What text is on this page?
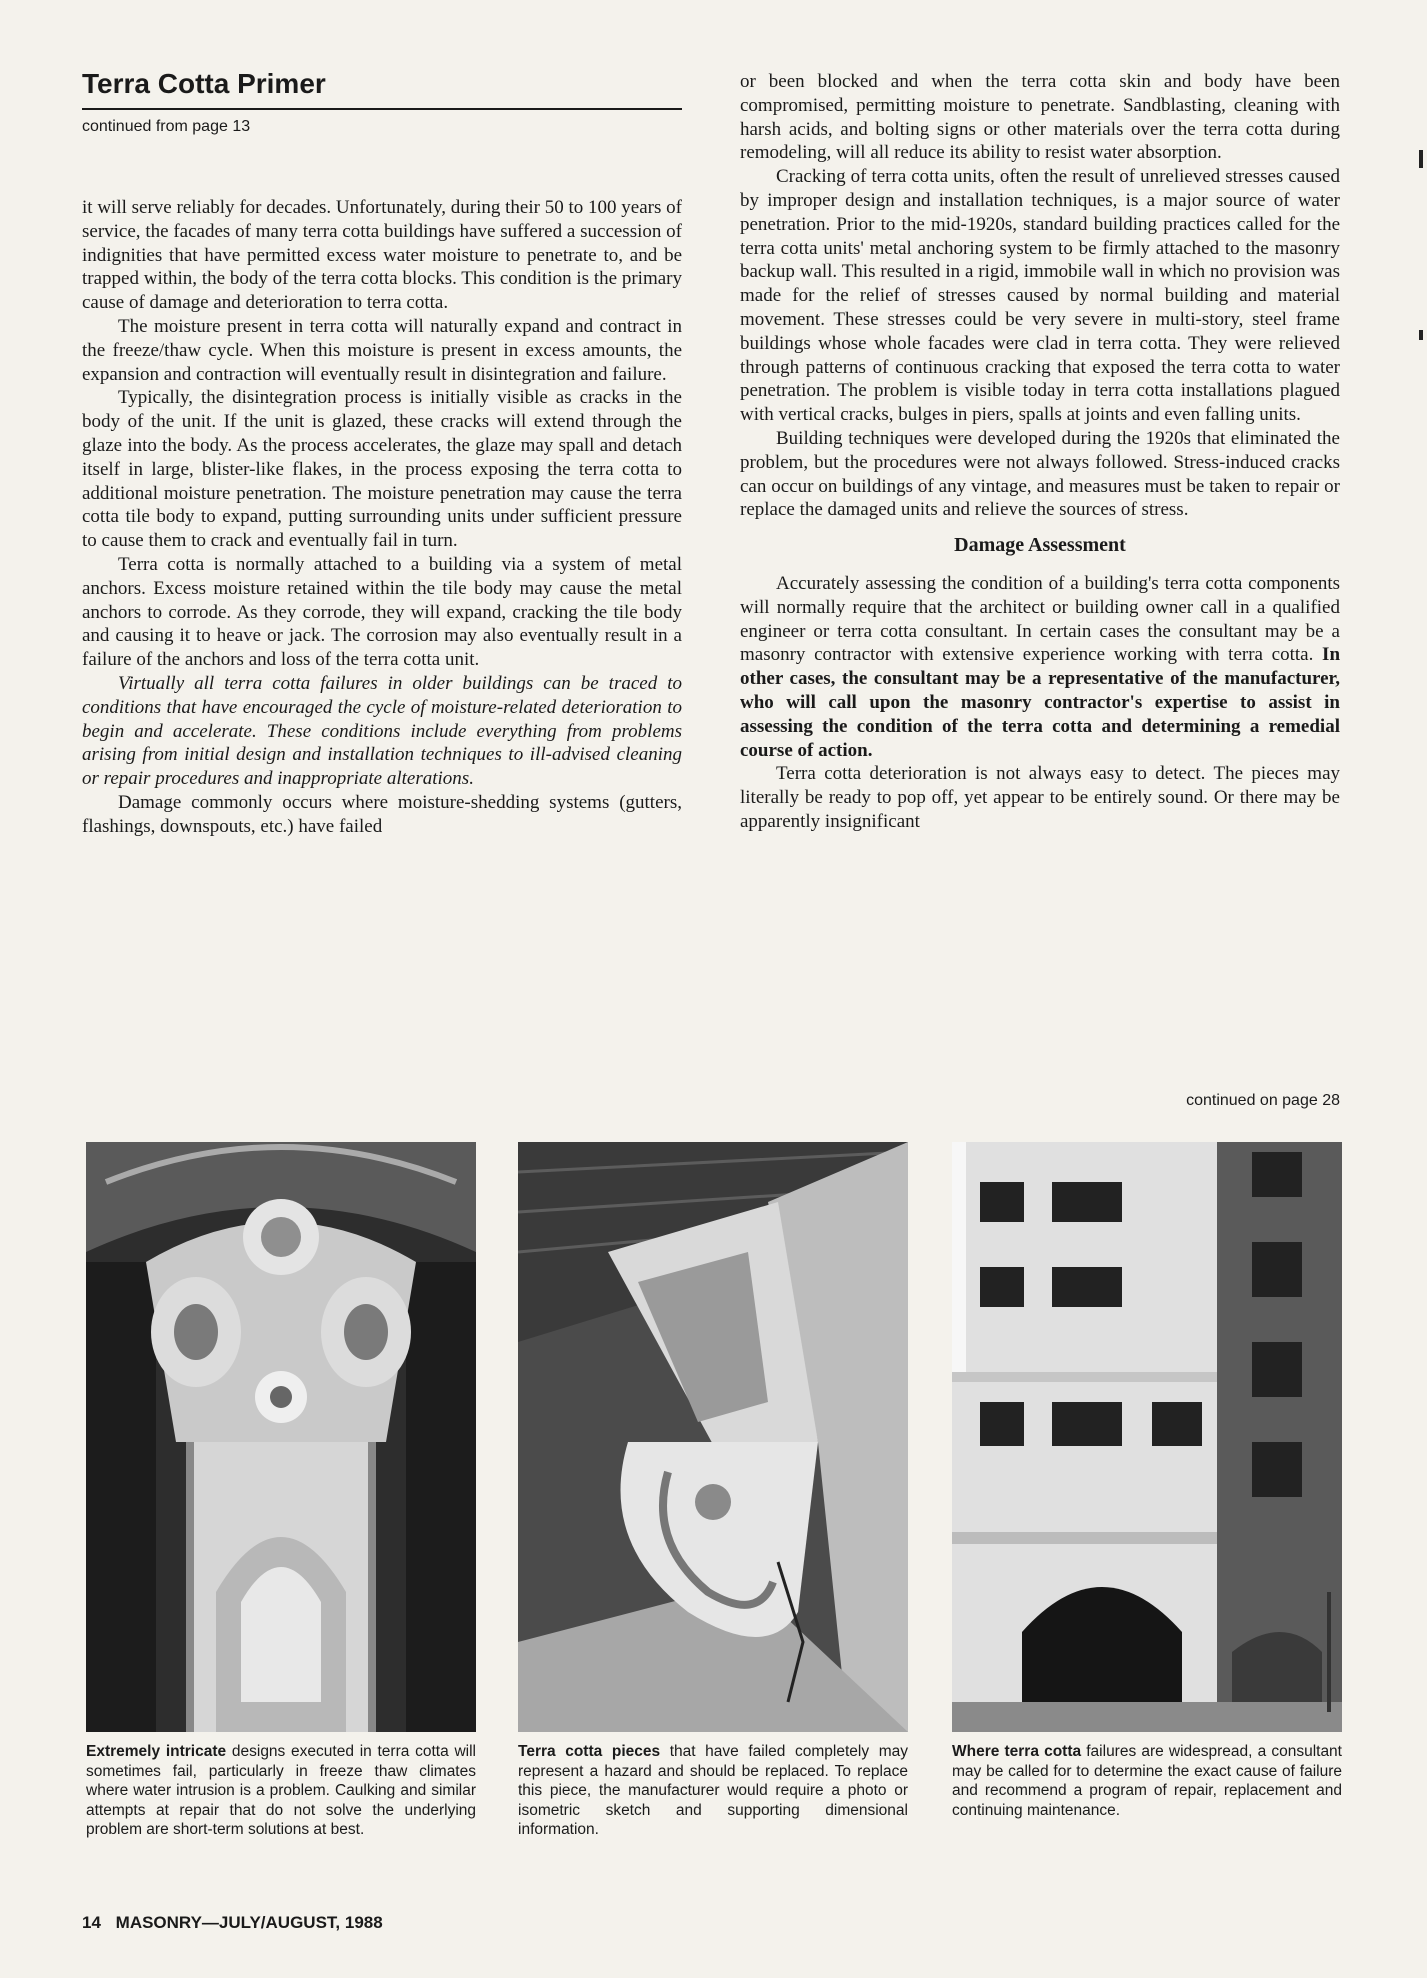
Terra Cotta Primer
continued from page 13

it will serve reliably for decades. Unfortunately, during their 50 to 100 years of service, the facades of many terra cotta buildings have suffered a succession of indignities that have permitted excess water moisture to penetrate to, and be trapped within, the body of the terra cotta blocks. This condition is the primary cause of damage and deterioration to terra cotta.

The moisture present in terra cotta will naturally expand and contract in the freeze/thaw cycle. When this moisture is present in excess amounts, the expansion and contraction will eventually result in disintegration and failure.

Typically, the disintegration process is initially visible as cracks in the body of the unit. If the unit is glazed, these cracks will extend through the glaze into the body. As the process accelerates, the glaze may spall and detach itself in large, blister-like flakes, in the process exposing the terra cotta to additional moisture penetration. The moisture penetration may cause the terra cotta tile body to expand, putting surrounding units under sufficient pressure to cause them to crack and eventually fail in turn.

Terra cotta is normally attached to a building via a system of metal anchors. Excess moisture retained within the tile body may cause the metal anchors to corrode. As they corrode, they will expand, cracking the tile body and causing it to heave or jack. The corrosion may also eventually result in a failure of the anchors and loss of the terra cotta unit.

Virtually all terra cotta failures in older buildings can be traced to conditions that have encouraged the cycle of moisture-related deterioration to begin and accelerate. These conditions include everything from problems arising from initial design and installation techniques to ill-advised cleaning or repair procedures and inappropriate alterations.

Damage commonly occurs where moisture-shedding systems (gutters, flashings, downspouts, etc.) have failed

or been blocked and when the terra cotta skin and body have been compromised, permitting moisture to penetrate. Sandblasting, cleaning with harsh acids, and bolting signs or other materials over the terra cotta during remodeling, will all reduce its ability to resist water absorption.

Cracking of terra cotta units, often the result of unrelieved stresses caused by improper design and installation techniques, is a major source of water penetration. Prior to the mid-1920s, standard building practices called for the terra cotta units' metal anchoring system to be firmly attached to the masonry backup wall. This resulted in a rigid, immobile wall in which no provision was made for the relief of stresses caused by normal building and material movement. These stresses could be very severe in multi-story, steel frame buildings whose whole facades were clad in terra cotta. They were relieved through patterns of continuous cracking that exposed the terra cotta to water penetration. The problem is visible today in terra cotta installations plagued with vertical cracks, bulges in piers, spalls at joints and even falling units.

Building techniques were developed during the 1920s that eliminated the problem, but the procedures were not always followed. Stress-induced cracks can occur on buildings of any vintage, and measures must be taken to repair or replace the damaged units and relieve the sources of stress.

Damage Assessment

Accurately assessing the condition of a building's terra cotta components will normally require that the architect or building owner call in a qualified engineer or terra cotta consultant. In certain cases the consultant may be a masonry contractor with extensive experience working with terra cotta. In other cases, the consultant may be a representative of the manufacturer, who will call upon the masonry contractor's expertise to assist in assessing the condition of the terra cotta and determining a remedial course of action.

Terra cotta deterioration is not always easy to detect. The pieces may literally be ready to pop off, yet appear to be entirely sound. Or there may be apparently insignificant

continued on page 28
Extremely intricate designs executed in terra cotta will sometimes fail, particularly in freeze thaw climates where water intrusion is a problem. Caulking and similar attempts at repair that do not solve the underlying problem are short-term solutions at best.
Terra cotta pieces that have failed completely may represent a hazard and should be replaced. To replace this piece, the manufacturer would require a photo or isometric sketch and supporting dimensional information.
Where terra cotta failures are widespread, a consultant may be called for to determine the exact cause of failure and recommend a program of repair, replacement and continuing maintenance.
14 MASONRY—JULY/AUGUST, 1988
